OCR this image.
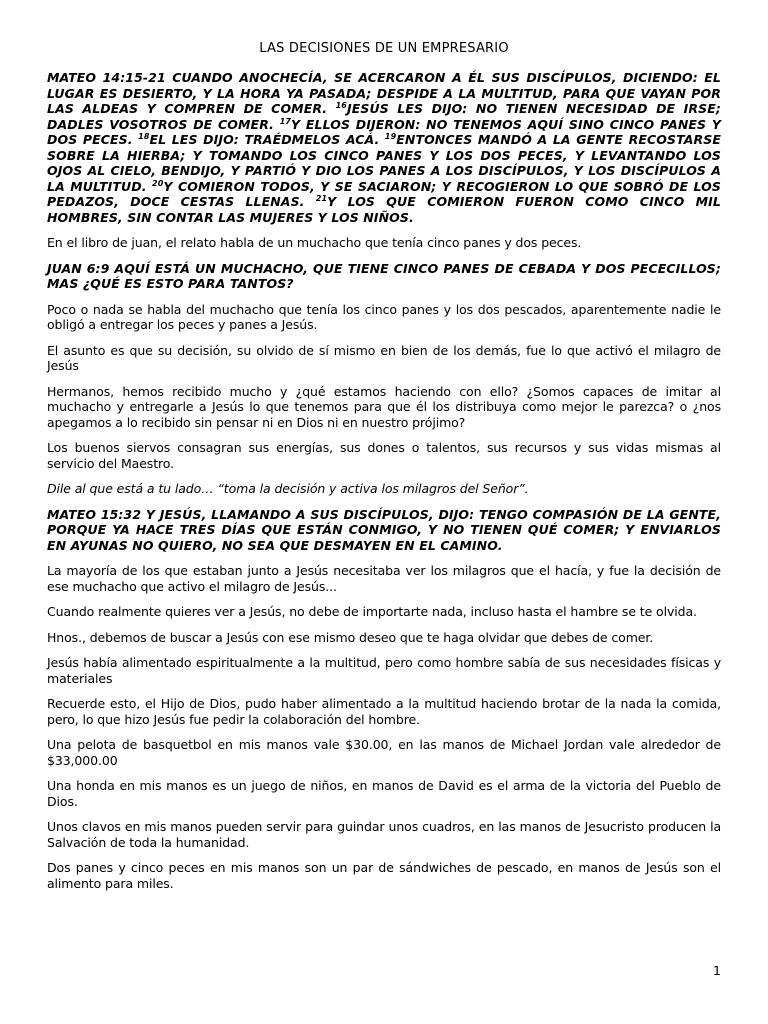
LAS DECISIONES DE UN EMPRESARIO

MATEO 14:15-21 CUANDO ANOCHECÍA, SE ACERCARON A ÉL SUS DISCÍPULOS, DICIENDO: EL LUGAR ES DESIERTO, Y LA HORA YA PASADA; DESPIDE A LA MULTITUD, PARA QUE VAYAN POR LAS ALDEAS Y COMPREN DE COMER. $^{16}$JESÚS LES DIJO: NO TIENEN NECESIDAD DE IRSE; DADLES VOSOTROS DE COMER. $^{17}$Y ELLOS DIJERON: NO TENEMOS AQUÍ SINO CINCO PANES Y DOS PECES. $^{18}$EL LES DIJO: TRAÉDMELOS ACÁ. $^{19}$ENTONCES MANDÓ A LA GENTE RECOSTARSE SOBRE LA HIERBA; Y TOMANDO LOS CINCO PANES Y LOS DOS PECES, Y LEVANTANDO LOS OJOS AL CIELO, BENDIJO, Y PARTIÓ Y DIO LOS PANES A LOS DISCÍPULOS, Y LOS DISCÍPULOS A LA MULTITUD. $^{20}$Y COMIERON TODOS, Y SE SACIARON; Y RECOGIERON LO QUE SOBRÓ DE LOS PEDAZOS, DOCE CESTAS LLENAS. $^{21}$Y LOS QUE COMIERON FUERON COMO CINCO MIL HOMBRES, SIN CONTAR LAS MUJERES Y LOS NIÑOS.

En el libro de juan, el relato habla de un muchacho que tenía cinco panes y dos peces.

JUAN 6:9 AQUÍ ESTÁ UN MUCHACHO, QUE TIENE CINCO PANES DE CEBADA Y DOS PECECILLOS; MAS ¿QUÉ ES ESTO PARA TANTOS?

Poco o nada se habla del muchacho que tenía los cinco panes y los dos pescados, aparentemente nadie le obligó a entregar los peces y panes a Jesús.

El asunto es que su decisión, su olvido de sí mismo en bien de los demás, fue lo que activó el milagro de Jesús

Hermanos, hemos recibido mucho y ¿qué estamos haciendo con ello? ¿Somos capaces de imitar al muchacho y entregarle a Jesús lo que tenemos para que él los distribuya como mejor le parezca? o ¿nos apegamos a lo recibido sin pensar ni en Dios ni en nuestro prójimo?

Los buenos siervos consagran sus energías, sus dones o talentos, sus recursos y sus vidas mismas al servicio del Maestro.

Dile al que está a tu lado… “toma la decisión y activa los milagros del Señor”.

MATEO 15:32 Y JESÚS, LLAMANDO A SUS DISCÍPULOS, DIJO: TENGO COMPASIÓN DE LA GENTE, PORQUE YA HACE TRES DÍAS QUE ESTÁN CONMIGO, Y NO TIENEN QUÉ COMER; Y ENVIARLOS EN AYUNAS NO QUIERO, NO SEA QUE DESMAYEN EN EL CAMINO.

La mayoría de los que estaban junto a Jesús necesitaba ver los milagros que el hacía, y fue la decisión de ese muchacho que activo el milagro de Jesús...

Cuando realmente quieres ver a Jesús, no debe de importarte nada, incluso hasta el hambre se te olvida.

Hnos., debemos de buscar a Jesús con ese mismo deseo que te haga olvidar que debes de comer.

Jesús había alimentado espiritualmente a la multitud, pero como hombre sabía de sus necesidades físicas y materiales

Recuerde esto, el Hijo de Dios, pudo haber alimentado a la multitud haciendo brotar de la nada la comida, pero, lo que hizo Jesús fue pedir la colaboración del hombre.

Una pelota de basquetbol en mis manos vale $30.00, en las manos de Michael Jordan vale alrededor de $33,000.00

Una honda en mis manos es un juego de niños, en manos de David es el arma de la victoria del Pueblo de Dios.

Unos clavos en mis manos pueden servir para guindar unos cuadros, en las manos de Jesucristo producen la Salvación de toda la humanidad.

Dos panes y cinco peces en mis manos son un par de sándwiches de pescado, en manos de Jesús son el alimento para miles.

1
